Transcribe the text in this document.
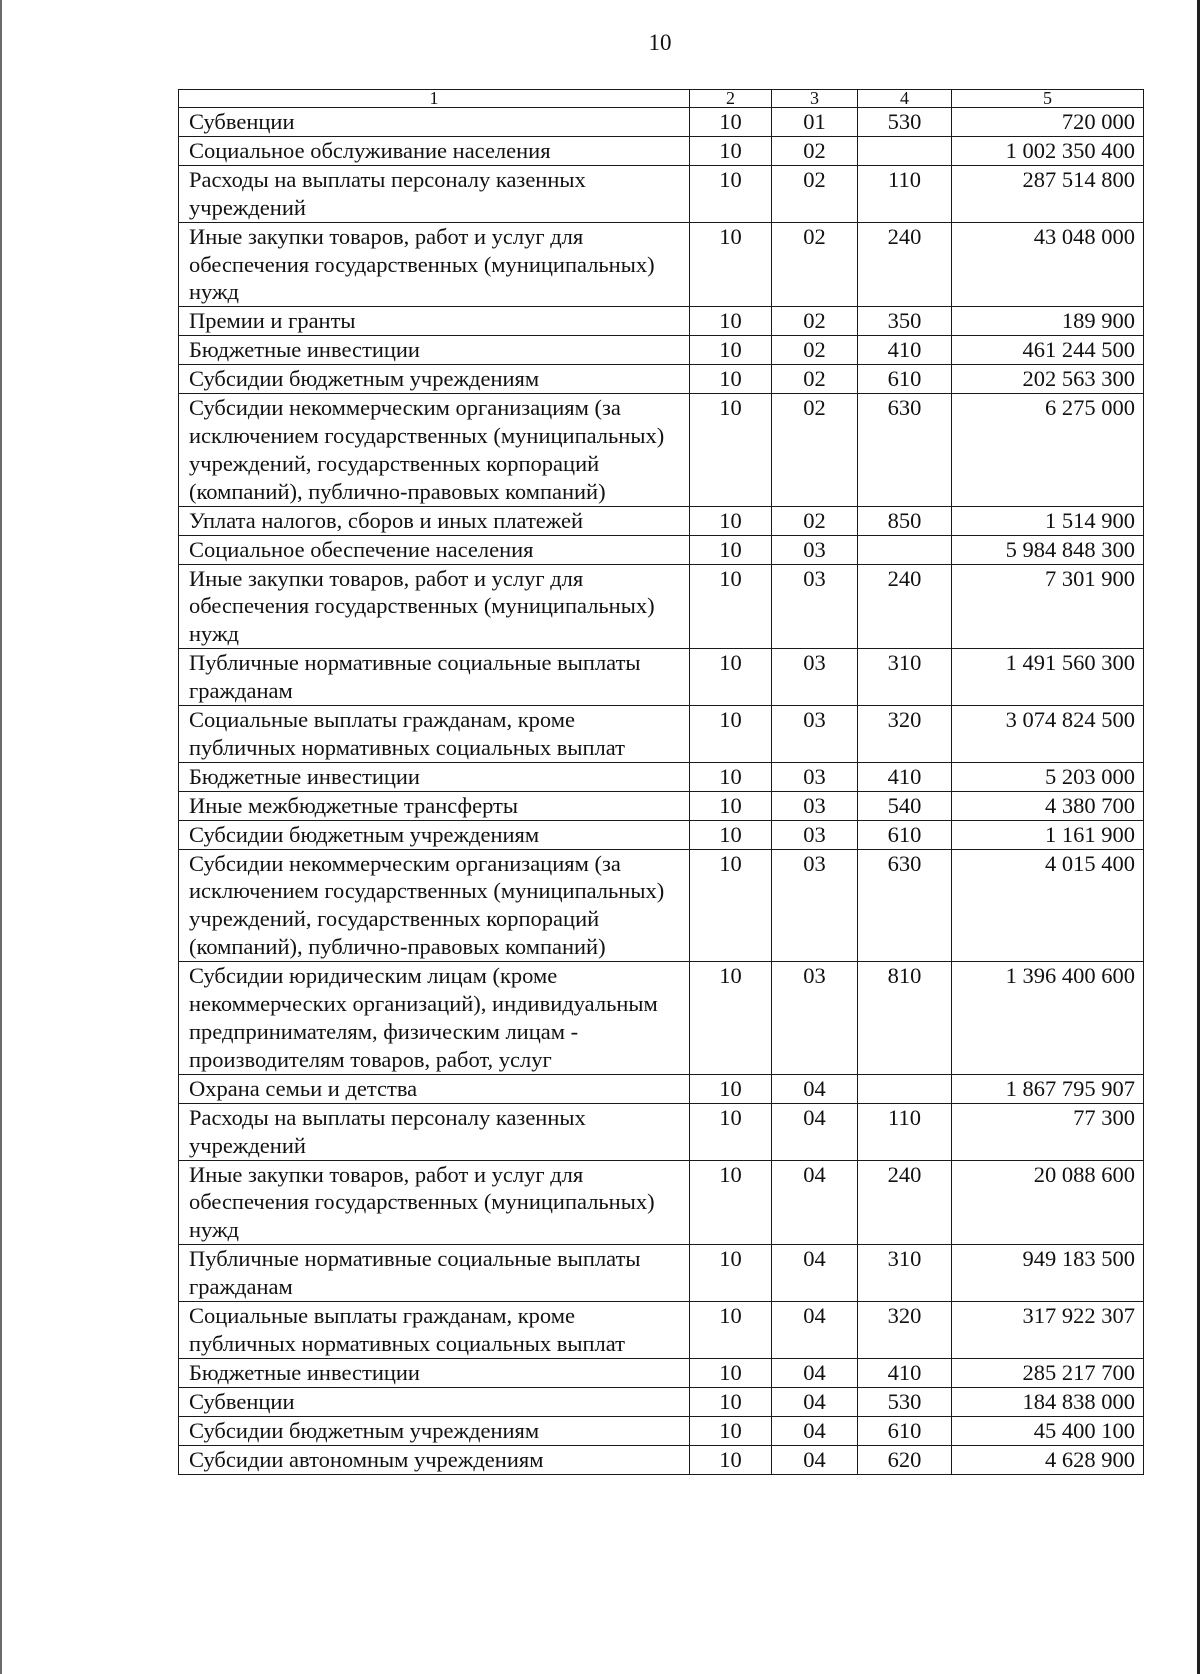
10
1	2	3	4	5
Субвенции	10	01	530	720 000
Социальное обслуживание населения	10	02		1 002 350 400
Расходы на выплаты персоналу казенных учреждений	10	02	110	287 514 800
Иные закупки товаров, работ и услуг для обеспечения государственных (муниципальных) нужд	10	02	240	43 048 000
Премии и гранты	10	02	350	189 900
Бюджетные инвестиции	10	02	410	461 244 500
Субсидии бюджетным учреждениям	10	02	610	202 563 300
Субсидии некоммерческим организациям (за исключением государственных (муниципальных) учреждений, государственных корпораций (компаний), публично-правовых компаний)	10	02	630	6 275 000
Уплата налогов, сборов и иных платежей	10	02	850	1 514 900
Социальное обеспечение населения	10	03		5 984 848 300
Иные закупки товаров, работ и услуг для обеспечения государственных (муниципальных) нужд	10	03	240	7 301 900
Публичные нормативные социальные выплаты гражданам	10	03	310	1 491 560 300
Социальные выплаты гражданам, кроме публичных нормативных социальных выплат	10	03	320	3 074 824 500
Бюджетные инвестиции	10	03	410	5 203 000
Иные межбюджетные трансферты	10	03	540	4 380 700
Субсидии бюджетным учреждениям	10	03	610	1 161 900
Субсидии некоммерческим организациям (за исключением государственных (муниципальных) учреждений, государственных корпораций (компаний), публично-правовых компаний)	10	03	630	4 015 400
Субсидии юридическим лицам (кроме некоммерческих организаций), индивидуальным предпринимателям, физическим лицам - производителям товаров, работ, услуг	10	03	810	1 396 400 600
Охрана семьи и детства	10	04		1 867 795 907
Расходы на выплаты персоналу казенных учреждений	10	04	110	77 300
Иные закупки товаров, работ и услуг для обеспечения государственных (муниципальных) нужд	10	04	240	20 088 600
Публичные нормативные социальные выплаты гражданам	10	04	310	949 183 500
Социальные выплаты гражданам, кроме публичных нормативных социальных выплат	10	04	320	317 922 307
Бюджетные инвестиции	10	04	410	285 217 700
Субвенции	10	04	530	184 838 000
Субсидии бюджетным учреждениям	10	04	610	45 400 100
Субсидии автономным учреждениям	10	04	620	4 628 900
